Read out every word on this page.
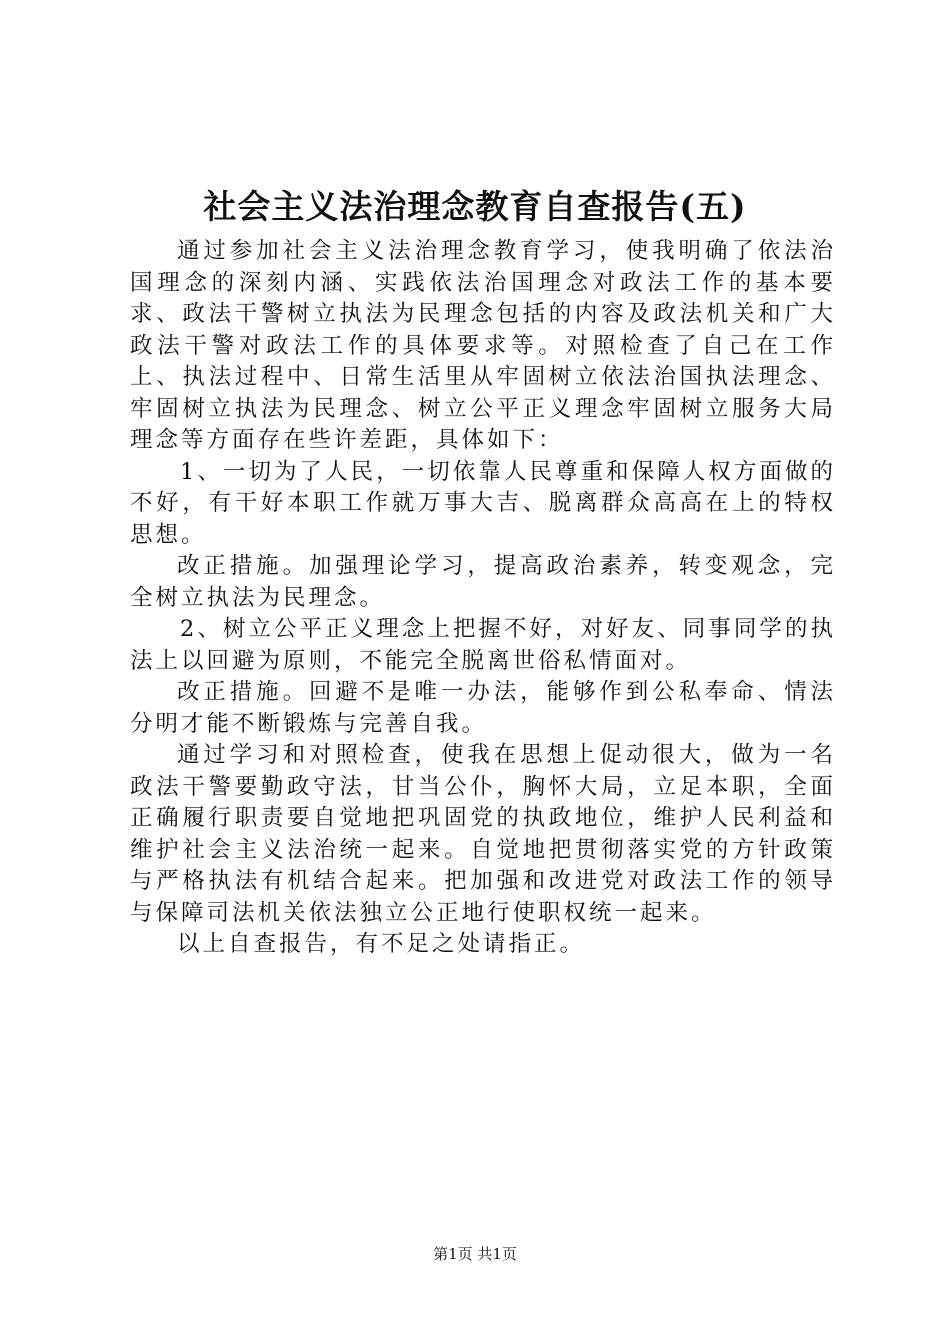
社会主义法治理念教育自查报告(五)

通过参加社会主义法治理念教育学习，使我明确了依法治国理念的深刻内涵、实践依法治国理念对政法工作的基本要求、政法干警树立执法为民理念包括的内容及政法机关和广大政法干警对政法工作的具体要求等。对照检查了自己在工作上、执法过程中、日常生活里从牢固树立依法治国执法理念、牢固树立执法为民理念、树立公平正义理念牢固树立服务大局理念等方面存在些许差距，具体如下：

1、一切为了人民，一切依靠人民尊重和保障人权方面做的不好，有干好本职工作就万事大吉、脱离群众高高在上的特权思想。

改正措施。加强理论学习，提高政治素养，转变观念，完全树立执法为民理念。

2、树立公平正义理念上把握不好，对好友、同事同学的执法上以回避为原则，不能完全脱离世俗私情面对。

改正措施。回避不是唯一办法，能够作到公私奉命、情法分明才能不断锻炼与完善自我。

通过学习和对照检查，使我在思想上促动很大，做为一名政法干警要勤政守法，甘当公仆，胸怀大局，立足本职，全面正确履行职责要自觉地把巩固党的执政地位，维护人民利益和维护社会主义法治统一起来。自觉地把贯彻落实党的方针政策与严格执法有机结合起来。把加强和改进党对政法工作的领导与保障司法机关依法独立公正地行使职权统一起来。

以上自查报告，有不足之处请指正。

第1页 共1页
